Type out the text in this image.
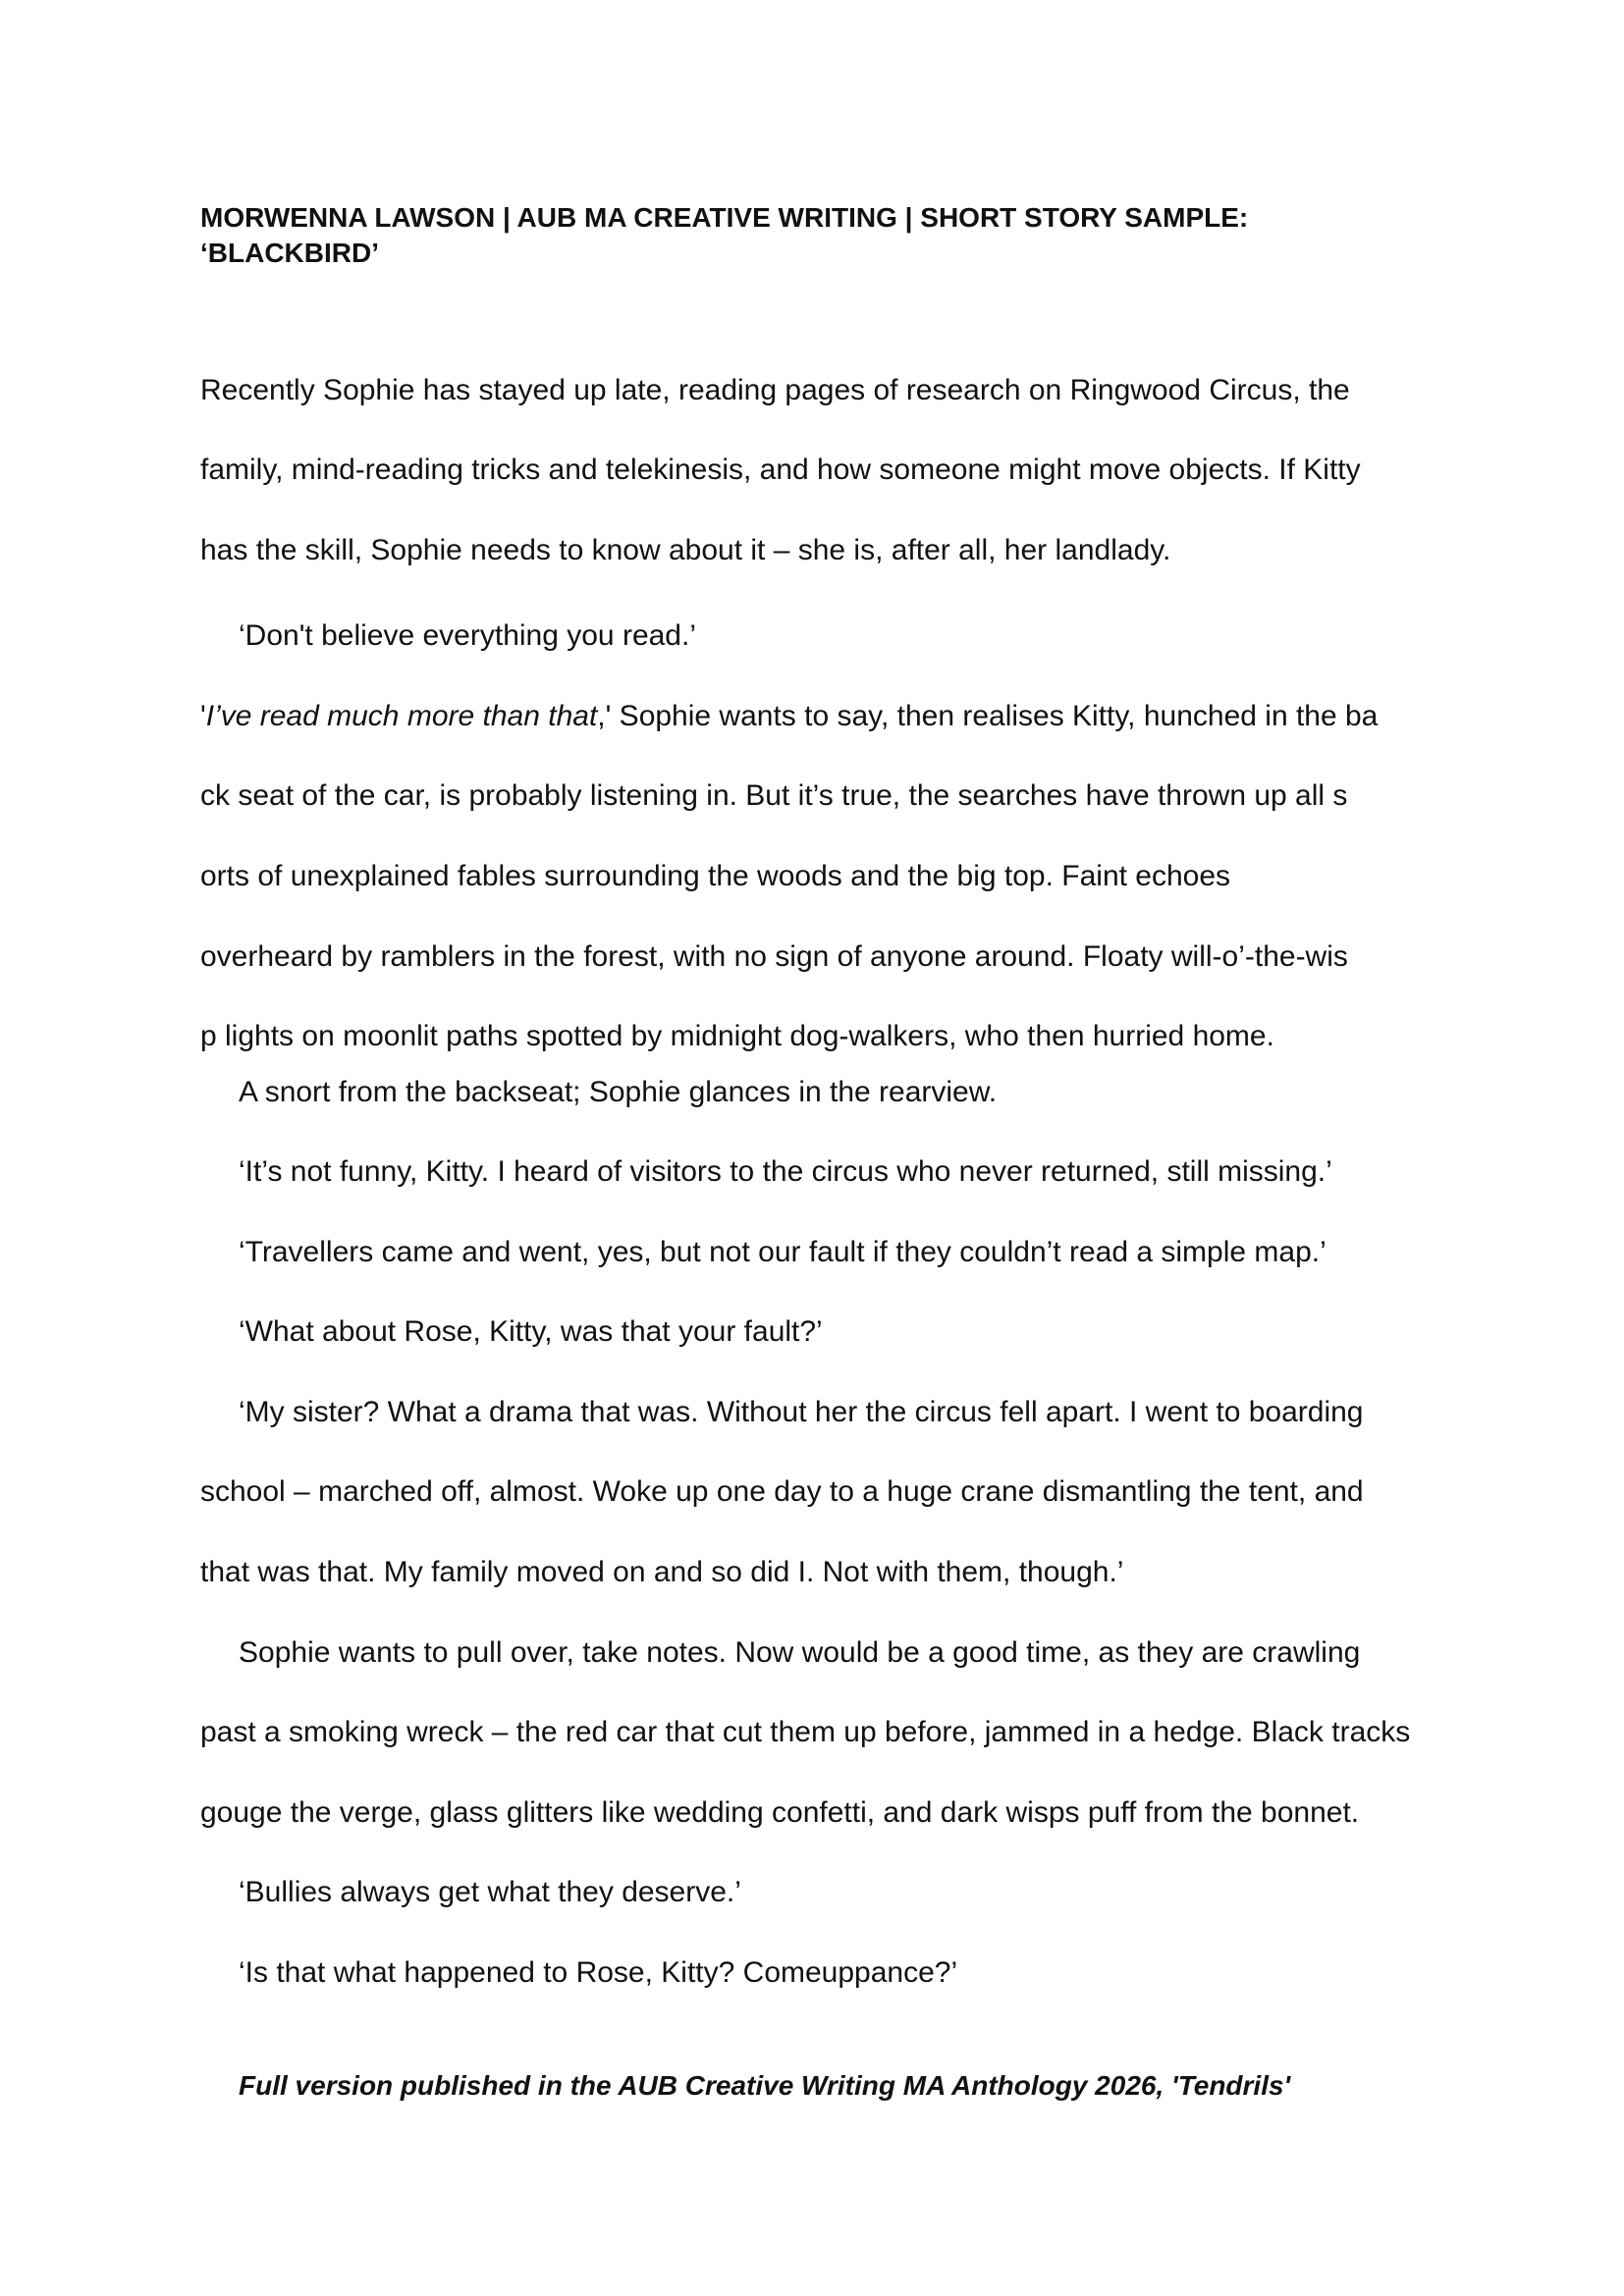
MORWENNA LAWSON | AUB MA CREATIVE WRITING | SHORT STORY SAMPLE:
‘BLACKBIRD’
Recently Sophie has stayed up late, reading pages of research on Ringwood Circus, the
family, mind-reading tricks and telekinesis, and how someone might move objects. If Kitty
has the skill, Sophie needs to know about it – she is, after all, her landlady.
‘Don't believe everything you read.’
'I’ve read much more than that,' Sophie wants to say, then realises Kitty, hunched in the ba
ck seat of the car, is probably listening in. But it’s true, the searches have thrown up all s
orts of unexplained fables surrounding the woods and the big top. Faint echoes
overheard by ramblers in the forest, with no sign of anyone around. Floaty will-o’-the-wis
p lights on moonlit paths spotted by midnight dog-walkers, who then hurried home.
A snort from the backseat; Sophie glances in the rearview.
‘It’s not funny, Kitty. I heard of visitors to the circus who never returned, still missing.’
‘Travellers came and went, yes, but not our fault if they couldn’t read a simple map.’
‘What about Rose, Kitty, was that your fault?’
‘My sister? What a drama that was. Without her the circus fell apart. I went to boarding
school – marched off, almost. Woke up one day to a huge crane dismantling the tent, and
that was that. My family moved on and so did I. Not with them, though.’
Sophie wants to pull over, take notes. Now would be a good time, as they are crawling
past a smoking wreck – the red car that cut them up before, jammed in a hedge. Black tracks
gouge the verge, glass glitters like wedding confetti, and dark wisps puff from the bonnet.
‘Bullies always get what they deserve.’
‘Is that what happened to Rose, Kitty? Comeuppance?’
Full version published in the AUB Creative Writing MA Anthology 2026, 'Tendrils'
